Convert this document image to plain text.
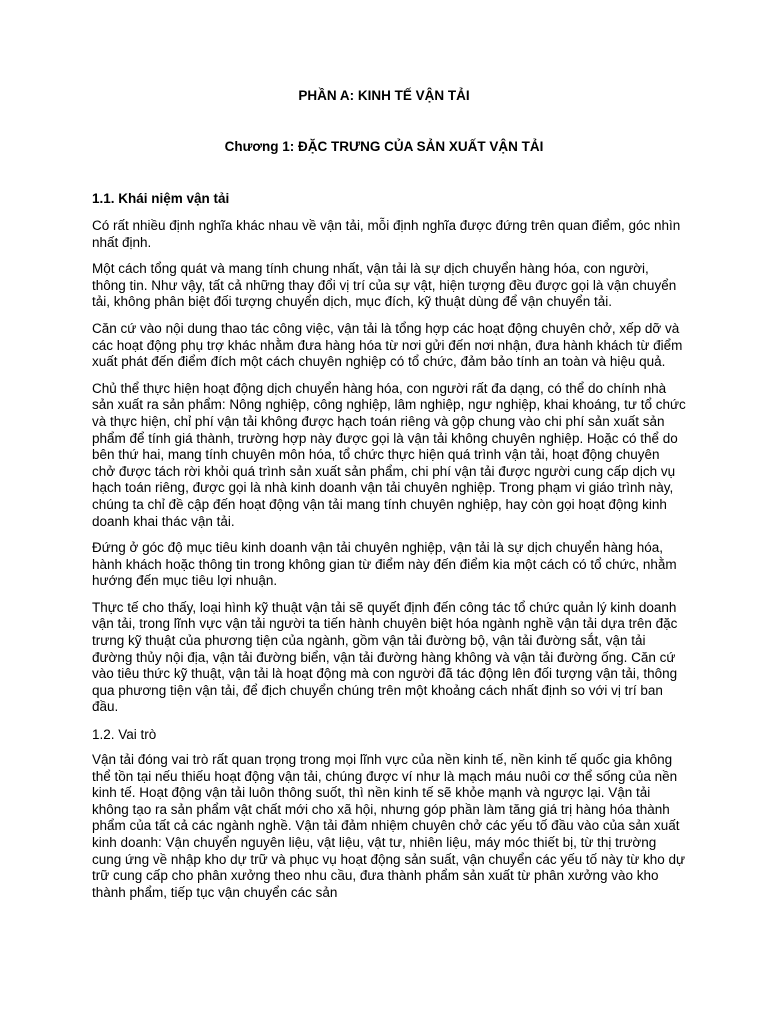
PHẦN A: KINH TẾ VẬN TẢI
Chương 1: ĐẶC TRƯNG CỦA SẢN XUẤT VẬN TẢI
1.1. Khái niệm vận tải

Có rất nhiều định nghĩa khác nhau về vận tải, mỗi định nghĩa được đứng trên quan điểm, góc nhìn nhất định.

Một cách tổng quát và mang tính chung nhất, vận tải là sự dịch chuyển hàng hóa, con người, thông tin. Như vậy, tất cả những thay đổi vị trí của sự vật, hiện tượng đều được gọi là vận chuyển tải, không phân biệt đối tượng chuyển dịch, mục đích, kỹ thuật dùng để vận chuyển tải.

Căn cứ vào nội dung thao tác công việc, vận tải là tổng hợp các hoạt động chuyên chở, xếp dỡ và các hoạt động phụ trợ khác nhằm đưa hàng hóa từ nơi gửi đến nơi nhận, đưa hành khách từ điểm xuất phát đến điểm đích một cách chuyên nghiệp có tổ chức, đảm bảo tính an toàn và hiệu quả.

Chủ thể thực hiện hoạt động dịch chuyển hàng hóa, con người rất đa dạng, có thể do chính nhà sản xuất ra sản phẩm: Nông nghiệp, công nghiệp, lâm nghiệp, ngư nghiệp, khai khoáng, tư tổ chức và thực hiện, chỉ phí vận tải không được hạch toán riêng và gộp chung vào chi phí sản xuất sản phẩm để tính giá thành, trường hợp này được gọi là vận tải không chuyên nghiệp. Hoặc có thể do bên thứ hai, mang tính chuyên môn hóa, tổ chức thực hiện quá trình vận tải, hoạt động chuyên chở được tách rời khỏi quá trình sản xuất sản phẩm, chi phí vận tải được người cung cấp dịch vụ hạch toán riêng, được gọi là nhà kinh doanh vận tải chuyên nghiệp. Trong phạm vi giáo trình này, chúng ta chỉ đề cập đến hoạt động vận tải mang tính chuyên nghiệp, hay còn gọi hoạt động kinh doanh khai thác vận tải.

Đứng ở góc độ mục tiêu kinh doanh vận tải chuyên nghiệp, vận tải là sự dịch chuyển hàng hóa, hành khách hoặc thông tin trong không gian từ điểm này đến điểm kia một cách có tổ chức, nhằm hướng đến mục tiêu lợi nhuận.

Thực tế cho thấy, loại hình kỹ thuật vận tải sẽ quyết định đến công tác tổ chức quản lý kinh doanh vận tải, trong lĩnh vực vận tải người ta tiến hành chuyên biệt hóa ngành nghề vận tải dựa trên đặc trưng kỹ thuật của phương tiện của ngành, gồm vận tải đường bộ, vận tải đường sắt, vận tải đường thủy nội địa, vận tải đường biển, vận tải đường hàng không và vận tải đường ống. Căn cứ vào tiêu thức kỹ thuật, vận tải là hoạt động mà con người đã tác động lên đối tượng vận tải, thông qua phương tiện vận tải, để địch chuyển chúng trên một khoảng cách nhất định so với vị trí ban đầu.

1.2. Vai trò

Vận tải đóng vai trò rất quan trọng trong mọi lĩnh vực của nền kinh tế, nền kinh tế quốc gia không thể tồn tại nếu thiếu hoạt động vận tải, chúng được ví như là mạch máu nuôi cơ thể sống của nền kinh tế. Hoạt động vận tải luôn thông suốt, thì nền kinh tế sẽ khỏe mạnh và ngược lại. Vận tải không tạo ra sản phẩm vật chất mới cho xã hội, nhưng góp phần làm tăng giá trị hàng hóa thành phẩm của tất cả các ngành nghề. Vận tải đảm nhiệm chuyên chở các yếu tố đầu vào của sản xuất kinh doanh: Vận chuyển nguyên liệu, vật liệu, vật tư, nhiên liệu, máy móc thiết bị, từ thị trường cung ứng về nhập kho dự trữ và phục vụ hoạt động sản suất, vận chuyển các yếu tố này từ kho dự trữ cung cấp cho phân xưởng theo nhu cầu, đưa thành phẩm sản xuất từ phân xưởng vào kho thành phẩm, tiếp tục vận chuyển các sản
